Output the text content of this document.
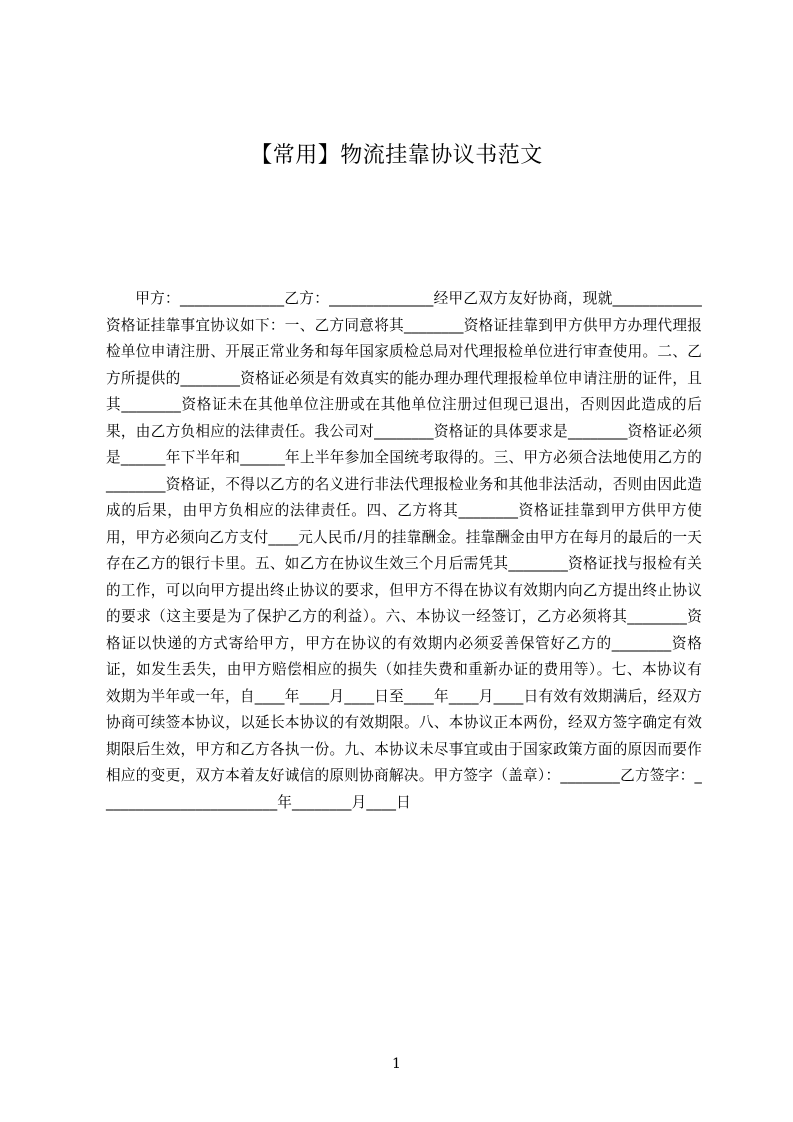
【常用】物流挂靠协议书范文

甲方：______________乙方：______________经甲乙双方友好协商，现就____________资格证挂靠事宜协议如下：一、乙方同意将其________资格证挂靠到甲方供甲方办理代理报检单位申请注册、开展正常业务和每年国家质检总局对代理报检单位进行审查使用。二、乙方所提供的________资格证必须是有效真实的能办理办理代理报检单位申请注册的证件，且其________资格证未在其他单位注册或在其他单位注册过但现已退出，否则因此造成的后果，由乙方负相应的法律责任。我公司对________资格证的具体要求是________资格证必须是______年下半年和______年上半年参加全国统考取得的。三、甲方必须合法地使用乙方的________资格证，不得以乙方的名义进行非法代理报检业务和其他非法活动，否则由因此造成的后果，由甲方负相应的法律责任。四、乙方将其________资格证挂靠到甲方供甲方使用，甲方必须向乙方支付____元人民币/月的挂靠酬金。挂靠酬金由甲方在每月的最后的一天存在乙方的银行卡里。五、如乙方在协议生效三个月后需凭其________资格证找与报检有关的工作，可以向甲方提出终止协议的要求，但甲方不得在协议有效期内向乙方提出终止协议的要求（这主要是为了保护乙方的利益）。六、本协议一经签订，乙方必须将其________资格证以快递的方式寄给甲方，甲方在协议的有效期内必须妥善保管好乙方的________资格证，如发生丢失，由甲方赔偿相应的损失（如挂失费和重新办证的费用等）。七、本协议有效期为半年或一年，自____年____月____日至____年____月____日有效有效期满后，经双方协商可续签本协议，以延长本协议的有效期限。八、本协议正本两份，经双方签字确定有效期限后生效，甲方和乙方各执一份。九、本协议未尽事宜或由于国家政策方面的原因而要作相应的变更，双方本着友好诚信的原则协商解决。甲方签字（盖章）：________乙方签字：________________________年________月____日

1
